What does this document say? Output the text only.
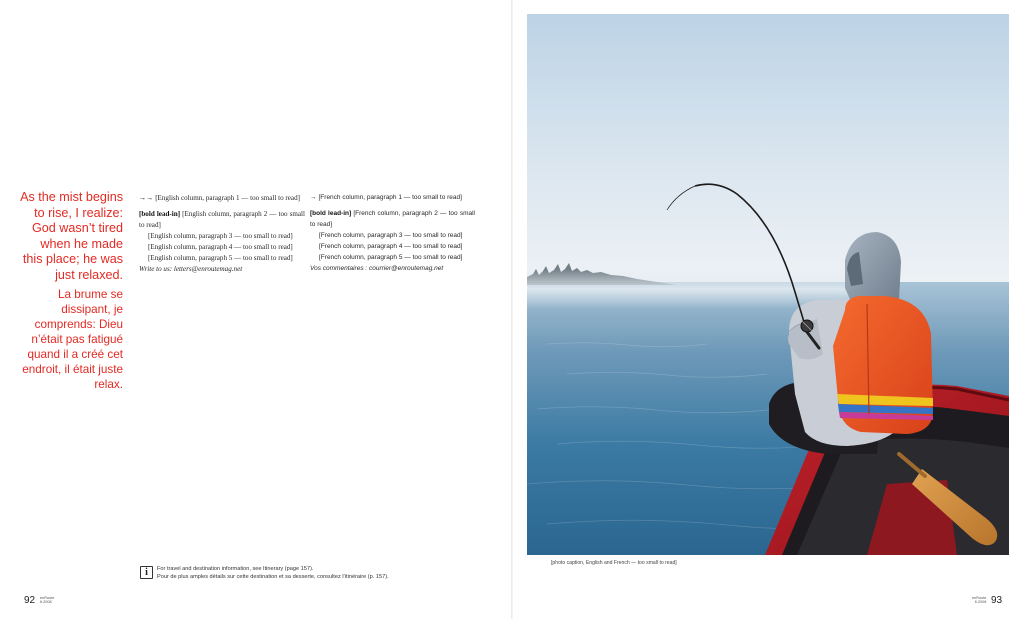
As the mist begins to rise, I realize: God wasn’t tired when he made this place; he was just relaxed.

La brume se dissipant, je comprends: Dieu n’était pas fatigué quand il a créé cet endroit, il était juste relax.

→→ [English column, paragraph 1 — too small to read]

[bold lead-in] [English column, paragraph 2 — too small to read]

[English column, paragraph 3 — too small to read]

[English column, paragraph 4 — too small to read]

[English column, paragraph 5 — too small to read]

Write to us: letters@enroutemag.net

→ [French column, paragraph 1 — too small to read]

[bold lead-in] [French column, paragraph 2 — too small to read]

[French column, paragraph 3 — too small to read]

[French column, paragraph 4 — too small to read]

[French column, paragraph 5 — too small to read]

Vos commentaires : courrier@enroutemag.net

i	For travel and destination information, see Itinerary (page 157).
Pour de plus amples détails sur cette destination et sa desserte, consultez l’itinéraire (p. 157).
92 enRoute
6.2008
enRoute
6.2008 93
[photo caption, English and French — too small to read]
